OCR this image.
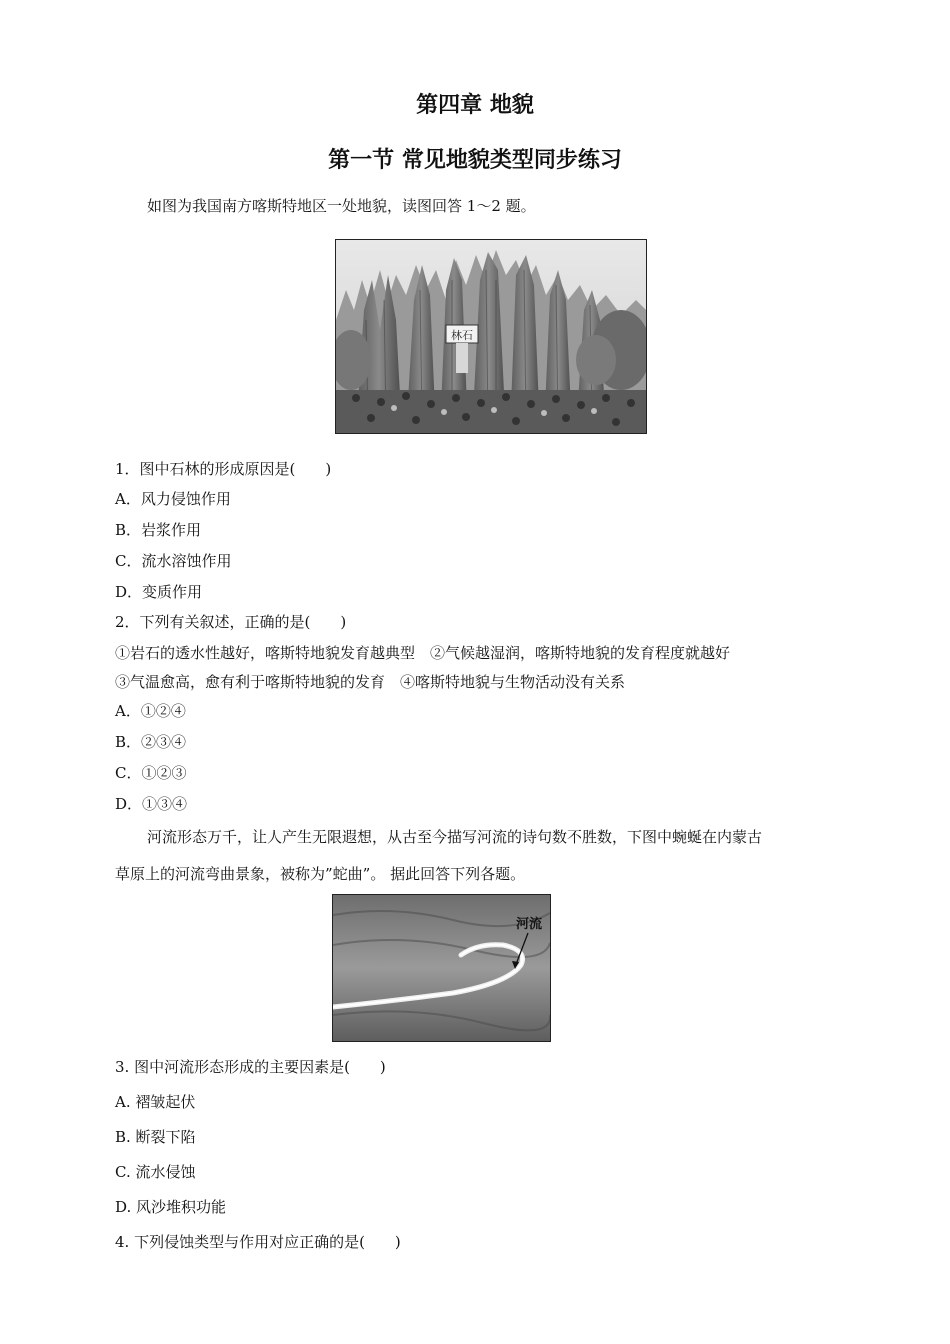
第四章 地貌
第一节 常见地貌类型同步练习
如图为我国南方喀斯特地区一处地貌，读图回答 1～2 题。
林石
1．图中石林的形成原因是(　　)
A．风力侵蚀作用
B．岩浆作用
C．流水溶蚀作用
D．变质作用
2．下列有关叙述，正确的是(　　)
①岩石的透水性越好，喀斯特地貌发育越典型　②气候越湿润，喀斯特地貌的发育程度就越好
③气温愈高，愈有利于喀斯特地貌的发育　④喀斯特地貌与生物活动没有关系
A．①②④
B．②③④
C．①②③
D．①③④
河流形态万千，让人产生无限遐想，从古至今描写河流的诗句数不胜数，下图中蜿蜒在内蒙古
草原上的河流弯曲景象，被称为”蛇曲”。 据此回答下列各题。
河流
3. 图中河流形态形成的主要因素是(　　)
A. 褶皱起伏
B. 断裂下陷
C. 流水侵蚀
D. 风沙堆积功能
4. 下列侵蚀类型与作用对应正确的是(　　)
